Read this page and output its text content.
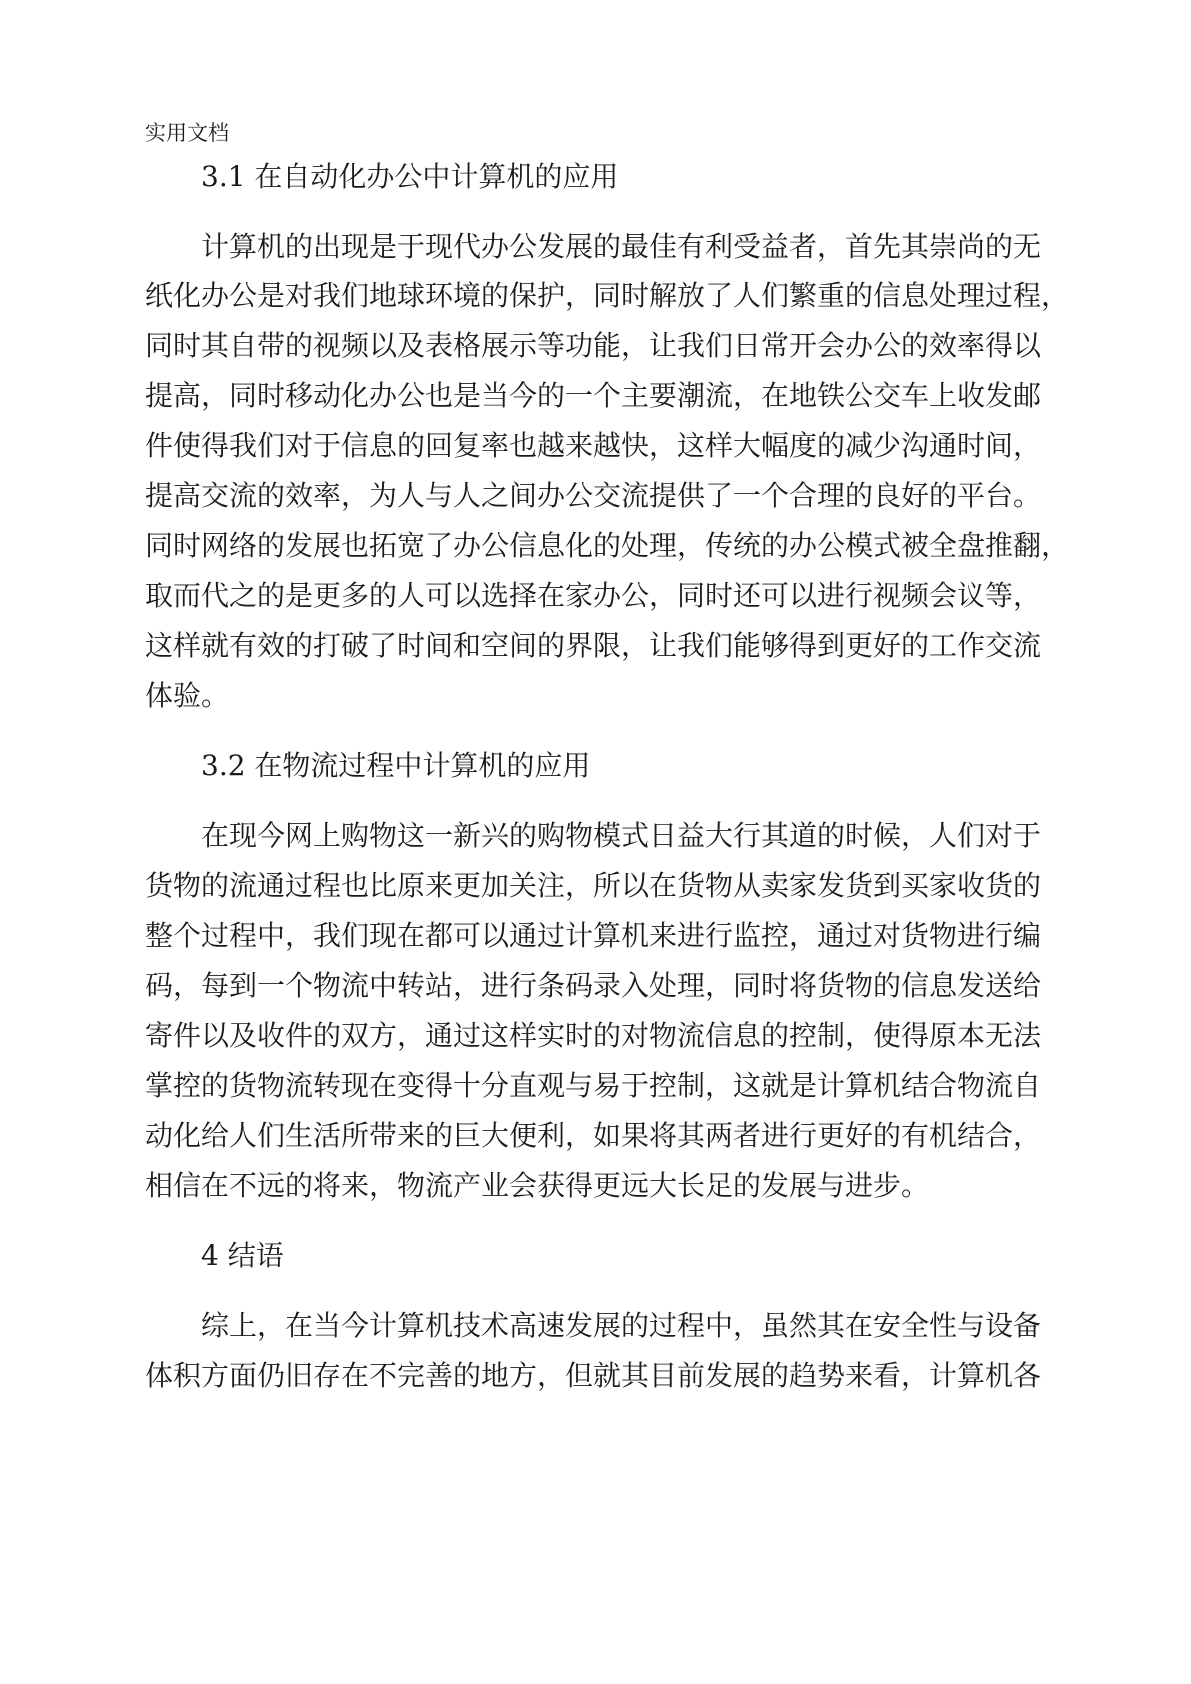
实用文档
3.1 在自动化办公中计算机的应用
计算机的出现是于现代办公发展的最佳有利受益者，首先其崇尚的无
纸化办公是对我们地球环境的保护，同时解放了人们繁重的信息处理过程，
同时其自带的视频以及表格展示等功能，让我们日常开会办公的效率得以
提高，同时移动化办公也是当今的一个主要潮流，在地铁公交车上收发邮
件使得我们对于信息的回复率也越来越快，这样大幅度的减少沟通时间，
提高交流的效率，为人与人之间办公交流提供了一个合理的良好的平台。
同时网络的发展也拓宽了办公信息化的处理，传统的办公模式被全盘推翻，
取而代之的是更多的人可以选择在家办公，同时还可以进行视频会议等，
这样就有效的打破了时间和空间的界限，让我们能够得到更好的工作交流
体验。
3.2 在物流过程中计算机的应用
在现今网上购物这一新兴的购物模式日益大行其道的时候，人们对于
货物的流通过程也比原来更加关注，所以在货物从卖家发货到买家收货的
整个过程中，我们现在都可以通过计算机来进行监控，通过对货物进行编
码，每到一个物流中转站，进行条码录入处理，同时将货物的信息发送给
寄件以及收件的双方，通过这样实时的对物流信息的控制，使得原本无法
掌控的货物流转现在变得十分直观与易于控制，这就是计算机结合物流自
动化给人们生活所带来的巨大便利，如果将其两者进行更好的有机结合，
相信在不远的将来，物流产业会获得更远大长足的发展与进步。
4 结语
综上，在当今计算机技术高速发展的过程中，虽然其在安全性与设备
体积方面仍旧存在不完善的地方，但就其目前发展的趋势来看，计算机各
